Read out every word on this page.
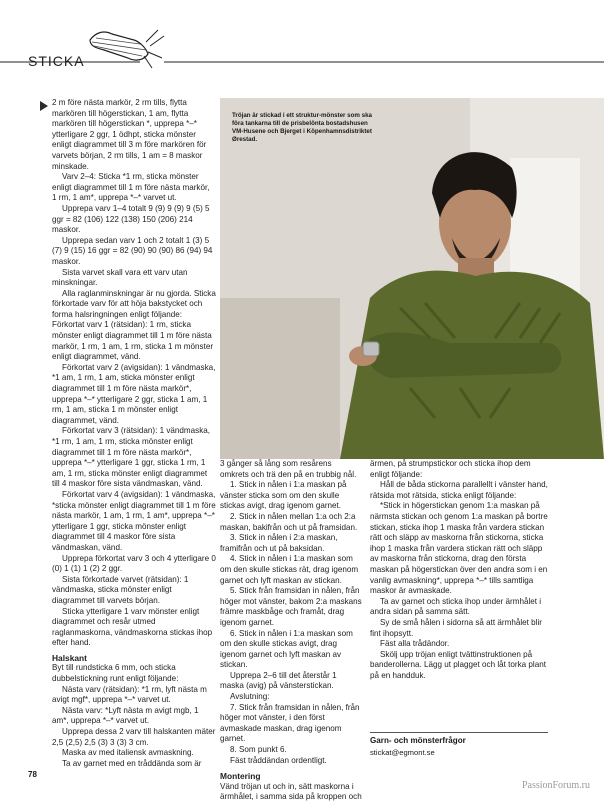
STICKA
Tröjan är stickad i ett struktur-mönster som ska föra tankarna till de prisbelönta bostadshusen VM-Husene och Bjerget i Köpenhamnsdistriktet Ørestad.

2 m före nästa markör, 2 rm tills, flytta markören till högerstickan, 1 am, flytta markören till högerstickan *, upprepa *–* ytterligare 2 ggr, 1 ödhpt, sticka mönster enligt diagrammet till 3 m före markören för varvets början, 2 rm tills, 1 am = 8 maskor minskade.

Varv 2–4: Sticka *1 rm, sticka mönster enligt diagrammet till 1 m före nästa markör, 1 rm, 1 am*, upprepa *–* varvet ut.

Upprepa varv 1–4 totalt 9 (9) 9 (9) 9 (5) 5 ggr = 82 (106) 122 (138) 150 (206) 214 maskor.

Upprepa sedan varv 1 och 2 totalt 1 (3) 5 (7) 9 (15) 16 ggr = 82 (90) 90 (90) 86 (94) 94 maskor.

Sista varvet skall vara ett varv utan minskningar.

Alla raglanminskningar är nu gjorda. Sticka förkortade varv för att höja bakstycket och forma halsringningen enligt följande: Förkortat varv 1 (rätsidan): 1 rm, sticka mönster enligt diagrammet till 1 m före nästa markör, 1 rm, 1 am, 1 rm, sticka 1 m mönster enligt diagrammet, vänd.

Förkortat varv 2 (avigsidan): 1 vändmaska, *1 am, 1 rm, 1 am, sticka mönster enligt diagrammet till 1 m före nästa markör*, upprepa *–* ytterligare 2 ggr, sticka 1 am, 1 rm, 1 am, sticka 1 m mönster enligt diagrammet, vänd.

Förkortat varv 3 (rätsidan): 1 vändmaska, *1 rm, 1 am, 1 rm, sticka mönster enligt diagrammet till 1 m före nästa markör*, upprepa *–* ytterligare 1 ggr, sticka 1 rm, 1 am, 1 rm, sticka mönster enligt diagrammet till 4 maskor före sista vändmaskan, vänd.

Förkortat varv 4 (avigsidan): 1 vändmaska, *sticka mönster enligt diagrammet till 1 m före nästa markör, 1 am, 1 rm, 1 am*, upprepa *–* ytterligare 1 ggr, sticka mönster enligt diagrammet till 4 maskor före sista vändmaskan, vänd.

Upprepa förkortat varv 3 och 4 ytterligare 0 (0) 1 (1) 1 (2) 2 ggr.

Sista förkortade varvet (rätsidan): 1 vändmaska, sticka mönster enligt diagrammet till varvets början.

Sticka ytterligare 1 varv mönster enligt diagrammet och resår utmed raglanmaskorna, vändmaskorna stickas ihop efter hand.

Halskant

Byt till rundsticka 6 mm, och sticka dubbelstickning runt enligt följande:

Nästa varv (rätsidan): *1 rm, lyft nästa m avigt mgf*, upprepa *–* varvet ut.

Nästa varv: *Lyft nästa m avigt mgb, 1 am*, upprepa *–* varvet ut.

Upprepa dessa 2 varv till halskanten mäter 2,5 (2,5) 2,5 (3) 3 (3) 3 cm.

Maska av med italiensk avmaskning.

Ta av garnet med en tråddända som är

3 gånger så lång som resårens omkrets och trä den på en trubbig nål.

1. Stick in nålen i 1:a maskan på vänster sticka som om den skulle stickas avigt, drag igenom garnet.

2. Stick in nålen mellan 1:a och 2:a maskan, bakifrån och ut på framsidan.

3. Stick in nålen i 2:a maskan, framifrån och ut på baksidan.

4. Stick in nålen i 1:a maskan som om den skulle stickas rät, drag igenom garnet och lyft maskan av stickan.

5. Stick från framsidan in nålen, från höger mot vänster, bakom 2:a maskans främre maskbåge och framåt, drag igenom garnet.

6. Stick in nålen i 1:a maskan som om den skulle stickas avigt, drag igenom garnet och lyft maskan av stickan.

Upprepa 2–6 till det återstår 1 maska (avig) på vänsterstickan.

Avslutning:

7. Stick från framsidan in nålen, från höger mot vänster, i den först avmaskade maskan, drag igenom garnet.

8. Som punkt 6.

Fäst tråddändan ordentligt.

Montering

Vänd tröjan ut och in, sätt maskorna i ärmhålet, i samma sida på kroppen och

ärmen, på strumpstickor och sticka ihop dem enligt följande:

Håll de båda stickorna parallellt i vänster hand, rätsida mot rätsida, sticka enligt följande:

*Stick in högerstickan genom 1:a maskan på närmsta stickan och genom 1:a maskan på bortre stickan, sticka ihop 1 maska från vardera stickan rätt och släpp av maskorna från stickorna, sticka ihop 1 maska från vardera stickan rätt och släpp av maskorna från stickorna, drag den första maskan på högerstickan över den andra som i en vanlig avmaskning*, upprepa *–* tills samtliga maskor är avmaskade.

Ta av garnet och sticka ihop under ärmhålet i andra sidan på samma sätt.

Sy de små hålen i sidorna så att ärmhålet blir fint ihopsytt.

Fäst alla trådändor.

Skölj upp tröjan enligt tvättinstruktionen på banderollerna. Lägg ut plagget och låt torka plant på en handduk.

Garn- och mönsterfrågor
stickat@egmont.se
78
PassionForum.ru
